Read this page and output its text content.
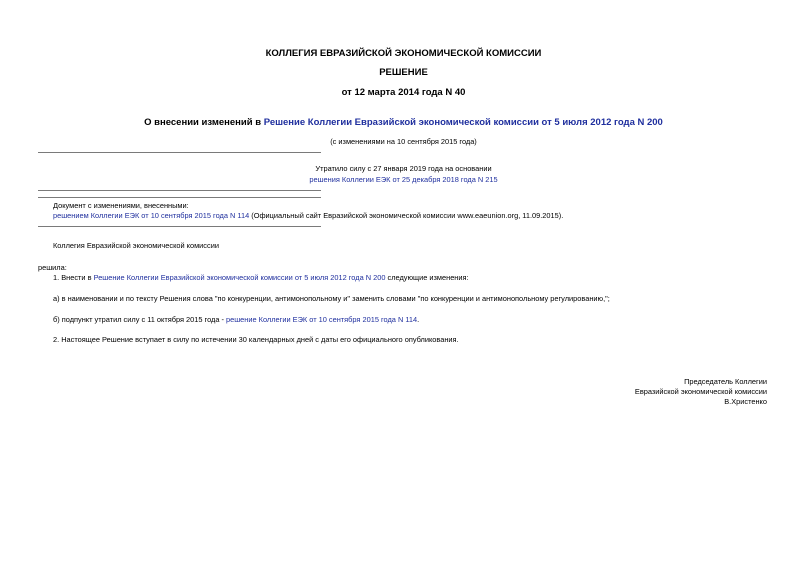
КОЛЛЕГИЯ ЕВРАЗИЙСКОЙ ЭКОНОМИЧЕСКОЙ КОМИССИИ
РЕШЕНИЕ
от 12 марта 2014 года N 40
О внесении изменений в Решение Коллегии Евразийской экономической комиссии от 5 июля 2012 года N 200
(с изменениями на 10 сентября 2015 года)
Утратило силу с 27 января 2019 года на основании
решения Коллегии ЕЭК от 25 декабря 2018 года N 215
Документ с изменениями, внесенными:
решением Коллегии ЕЭК от 10 сентября 2015 года N 114 (Официальный сайт Евразийской экономической комиссии www.eaeunion.org, 11.09.2015).
Коллегия Евразийской экономической комиссии
решила:
1. Внести в Решение Коллегии Евразийской экономической комиссии от 5 июля 2012 года N 200 следующие изменения:
а) в наименовании и по тексту Решения слова "по конкуренции, антимонопольному и" заменить словами "по конкуренции и антимонопольному регулированию,";
б) подпункт утратил силу с 11 октября 2015 года - решение Коллегии ЕЭК от 10 сентября 2015 года N 114.
2. Настоящее Решение вступает в силу по истечении 30 календарных дней с даты его официального опубликования.
Председатель Коллегии
Евразийской экономической комиссии
В.Христенко
